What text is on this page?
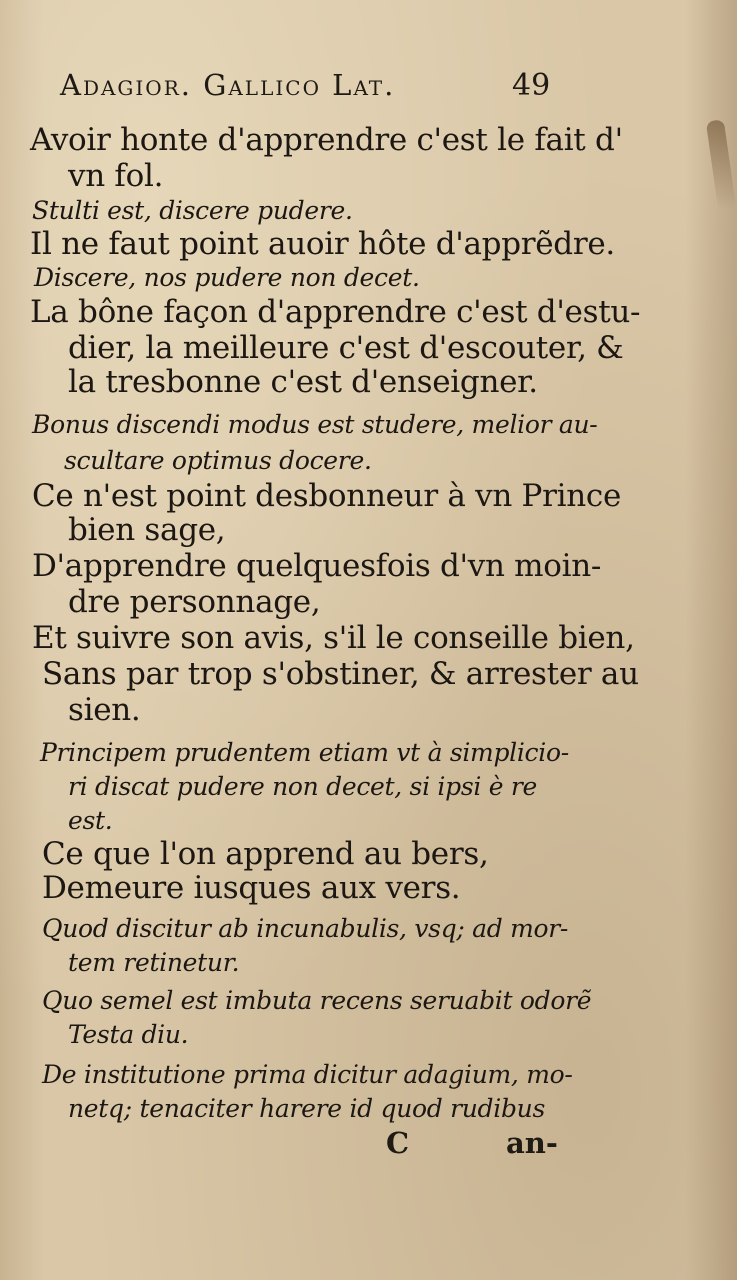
Adagior. Gallico Lat.	49
Avoir honte d'apprendre c'est le fait d'
vn fol.
Stulti est, discere pudere.
Il ne faut point auoir hôte d'apprẽdre.
Discere, nos pudere non decet.
La bône façon d'apprendre c'est d'estu-
dier, la meilleure c'est d'escouter, &
la tresbonne c'est d'enseigner.
Bonus discendi modus est studere, melior au-
scultare optimus docere.
Ce n'est point desbonneur à vn Prince
bien sage,
D'apprendre quelquesfois d'vn moin-
dre personnage,
Et suivre son avis, s'il le conseille bien,
Sans par trop s'obstiner, & arrester au
sien.
Principem prudentem etiam vt à simplicio-
ri discat pudere non decet, si ipsi è re
est.
Ce que l'on apprend au bers,
Demeure iusques aux vers.
Quod discitur ab incunabulis, vsq; ad mor-
tem retinetur.
Quo semel est imbuta recens seruabit odorẽ
Testa diu.
De institutione prima dicitur adagium, mo-
netq; tenaciter harere id quod rudibus
C	an-
